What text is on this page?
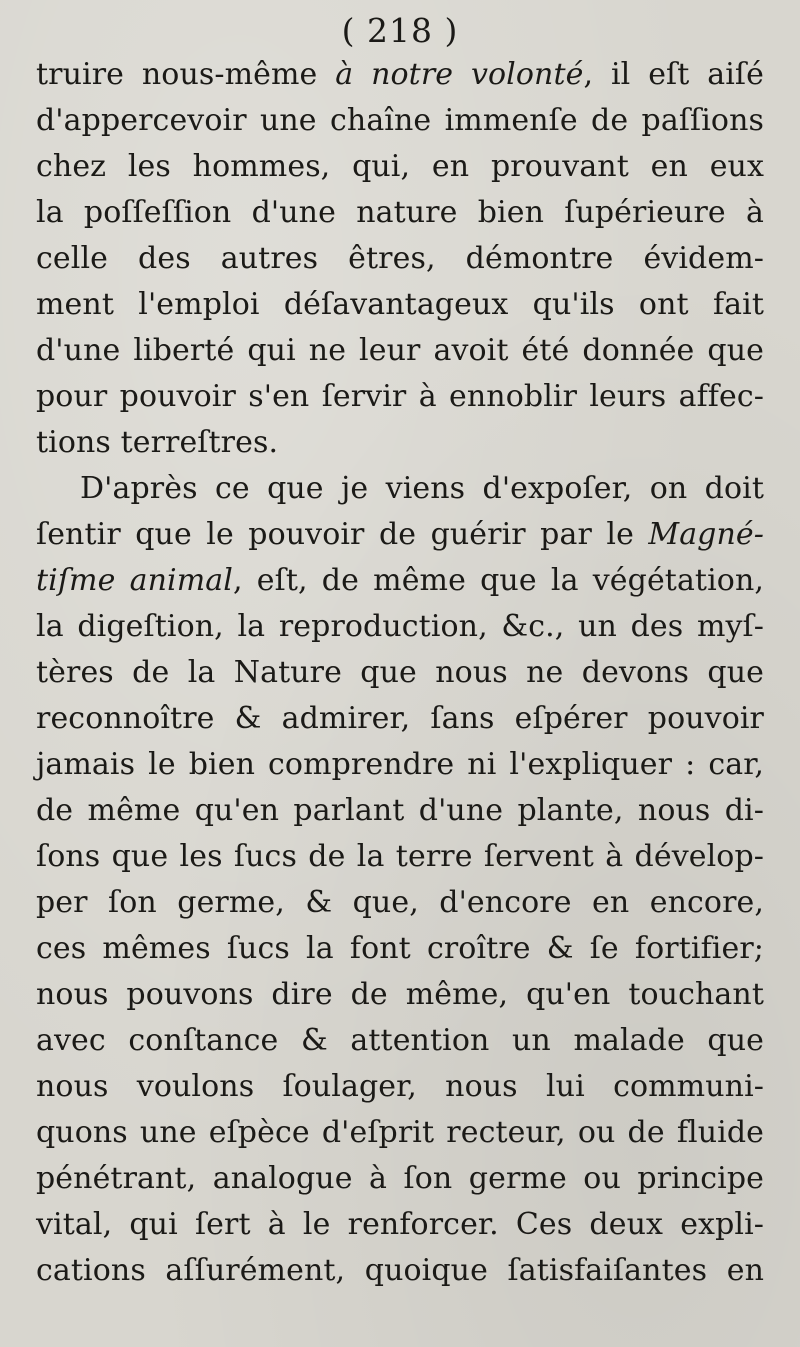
( 218 )
truire nous-même à notre volonté, il eſt aiſé
d'appercevoir une chaîne immenſe de paſſions
chez les hommes, qui, en prouvant en eux
la poſſeſſion d'une nature bien ſupérieure à
celle des autres êtres, démontre évidem-
ment l'emploi déſavantageux qu'ils ont fait
d'une liberté qui ne leur avoit été donnée que
pour pouvoir s'en ſervir à ennoblir leurs affec-
tions terreſtres.
D'après ce que je viens d'expoſer, on doit
ſentir que le pouvoir de guérir par le Magné-
tiſme animal, eſt, de même que la végétation,
la digeſtion, la reproduction, &c., un des myſ-
tères de la Nature que nous ne devons que
reconnoître & admirer, ſans eſpérer pouvoir
jamais le bien comprendre ni l'expliquer : car,
de même qu'en parlant d'une plante, nous di-
ſons que les ſucs de la terre ſervent à dévelop-
per ſon germe, & que, d'encore en encore,
ces mêmes ſucs la font croître & ſe fortifier;
nous pouvons dire de même, qu'en touchant
avec conſtance & attention un malade que
nous voulons ſoulager, nous lui communi-
quons une eſpèce d'eſprit recteur, ou de fluide
pénétrant, analogue à ſon germe ou principe
vital, qui ſert à le renforcer. Ces deux expli-
cations aſſurément, quoique ſatisfaiſantes en
